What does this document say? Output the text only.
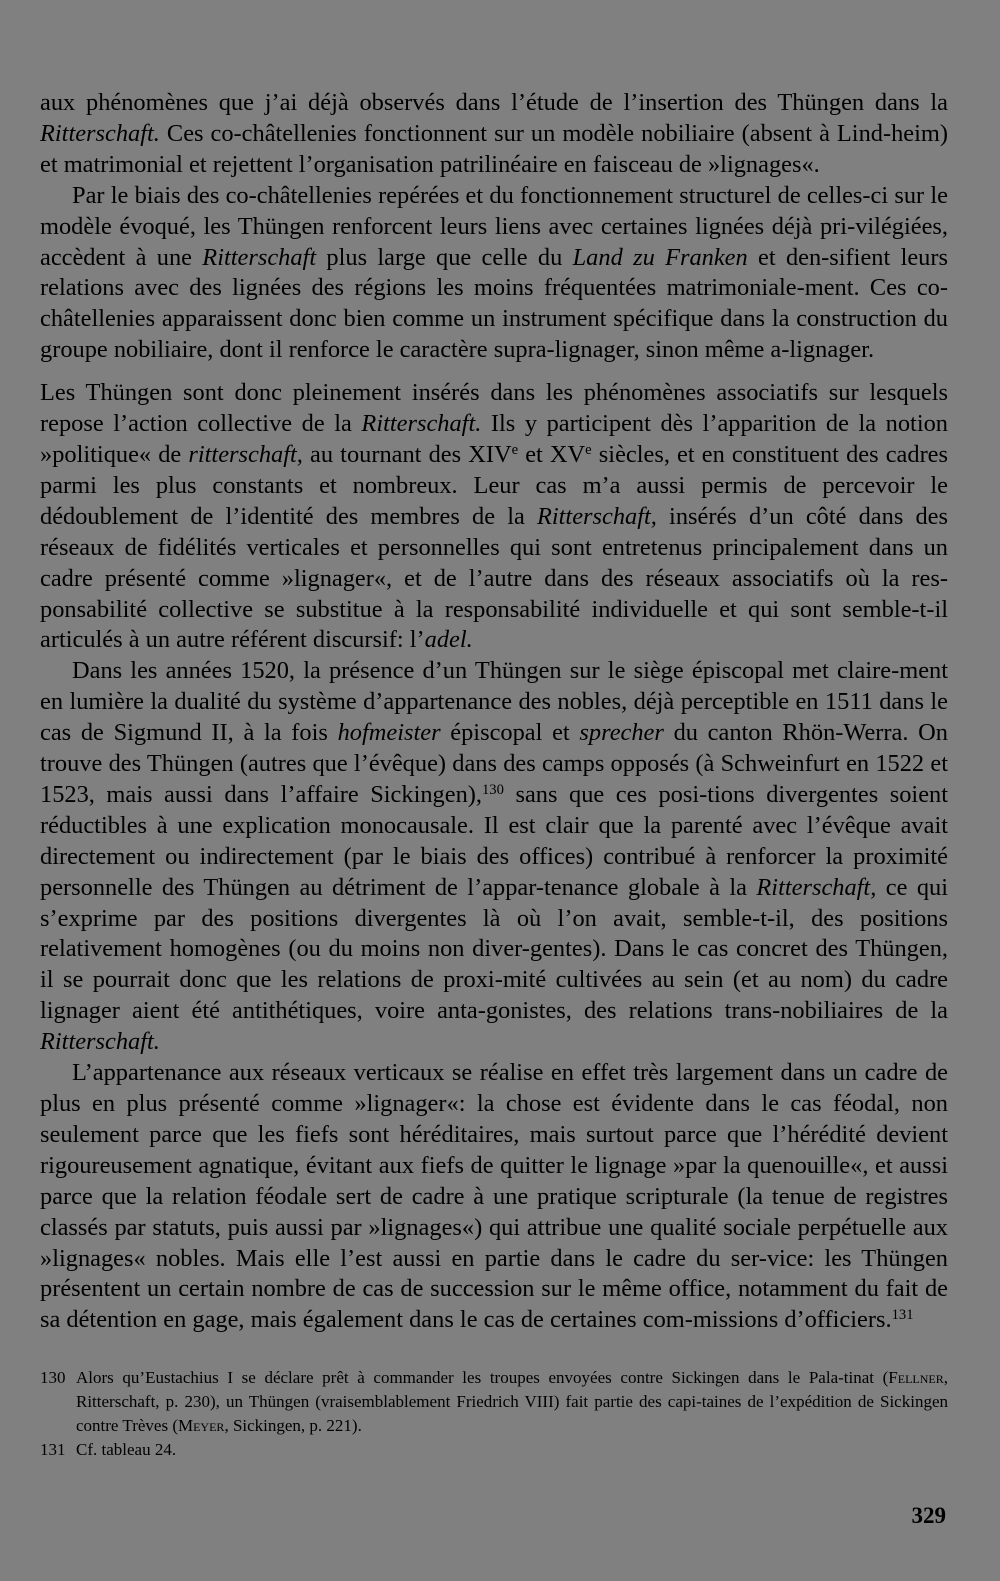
aux phénomènes que j’ai déjà observés dans l’étude de l’insertion des Thüngen dans la Ritterschaft. Ces co-châtellenies fonctionnent sur un modèle nobiliaire (absent à Lind-heim) et matrimonial et rejettent l’organisation patrilinéaire en faisceau de »lignages«.

Par le biais des co-châtellenies repérées et du fonctionnement structurel de celles-ci sur le modèle évoqué, les Thüngen renforcent leurs liens avec certaines lignées déjà pri-vilégiées, accèdent à une Ritterschaft plus large que celle du Land zu Franken et den-sifient leurs relations avec des lignées des régions les moins fréquentées matrimoniale-ment. Ces co-châtellenies apparaissent donc bien comme un instrument spécifique dans la construction du groupe nobiliaire, dont il renforce le caractère supra-lignager, sinon même a-lignager.

Les Thüngen sont donc pleinement insérés dans les phénomènes associatifs sur lesquels repose l’action collective de la Ritterschaft. Ils y participent dès l’apparition de la notion »politique« de ritterschaft, au tournant des XIVe et XVe siècles, et en constituent des cadres parmi les plus constants et nombreux. Leur cas m’a aussi permis de percevoir le dédoublement de l’identité des membres de la Ritterschaft, insérés d’un côté dans des réseaux de fidélités verticales et personnelles qui sont entretenus principalement dans un cadre présenté comme »lignager«, et de l’autre dans des réseaux associatifs où la res-ponsabilité collective se substitue à la responsabilité individuelle et qui sont semble-t-il articulés à un autre référent discursif: l’adel.

Dans les années 1520, la présence d’un Thüngen sur le siège épiscopal met claire-ment en lumière la dualité du système d’appartenance des nobles, déjà perceptible en 1511 dans le cas de Sigmund II, à la fois hofmeister épiscopal et sprecher du canton Rhön-Werra. On trouve des Thüngen (autres que l’évêque) dans des camps opposés (à Schweinfurt en 1522 et 1523, mais aussi dans l’affaire Sickingen),$^{130}$ sans que ces posi-tions divergentes soient réductibles à une explication monocausale. Il est clair que la parenté avec l’évêque avait directement ou indirectement (par le biais des offices) contribué à renforcer la proximité personnelle des Thüngen au détriment de l’appar-tenance globale à la Ritterschaft, ce qui s’exprime par des positions divergentes là où l’on avait, semble-t-il, des positions relativement homogènes (ou du moins non diver-gentes). Dans le cas concret des Thüngen, il se pourrait donc que les relations de proxi-mité cultivées au sein (et au nom) du cadre lignager aient été antithétiques, voire anta-gonistes, des relations trans-nobiliaires de la Ritterschaft.

L’appartenance aux réseaux verticaux se réalise en effet très largement dans un cadre de plus en plus présenté comme »lignager«: la chose est évidente dans le cas féodal, non seulement parce que les fiefs sont héréditaires, mais surtout parce que l’hérédité devient rigoureusement agnatique, évitant aux fiefs de quitter le lignage »par la quenouille«, et aussi parce que la relation féodale sert de cadre à une pratique scripturale (la tenue de registres classés par statuts, puis aussi par »lignages«) qui attribue une qualité sociale perpétuelle aux »lignages« nobles. Mais elle l’est aussi en partie dans le cadre du ser-vice: les Thüngen présentent un certain nombre de cas de succession sur le même office, notamment du fait de sa détention en gage, mais également dans le cas de certaines com-missions d’officiers.$^{131}$

130 Alors qu’Eustachius I se déclare prêt à commander les troupes envoyées contre Sickingen dans le Pala-tinat (Fellner, Ritterschaft, p. 230), un Thüngen (vraisemblablement Friedrich VIII) fait partie des capi-taines de l’expédition de Sickingen contre Trèves (Meyer, Sickingen, p. 221).

131 Cf. tableau 24.

329
